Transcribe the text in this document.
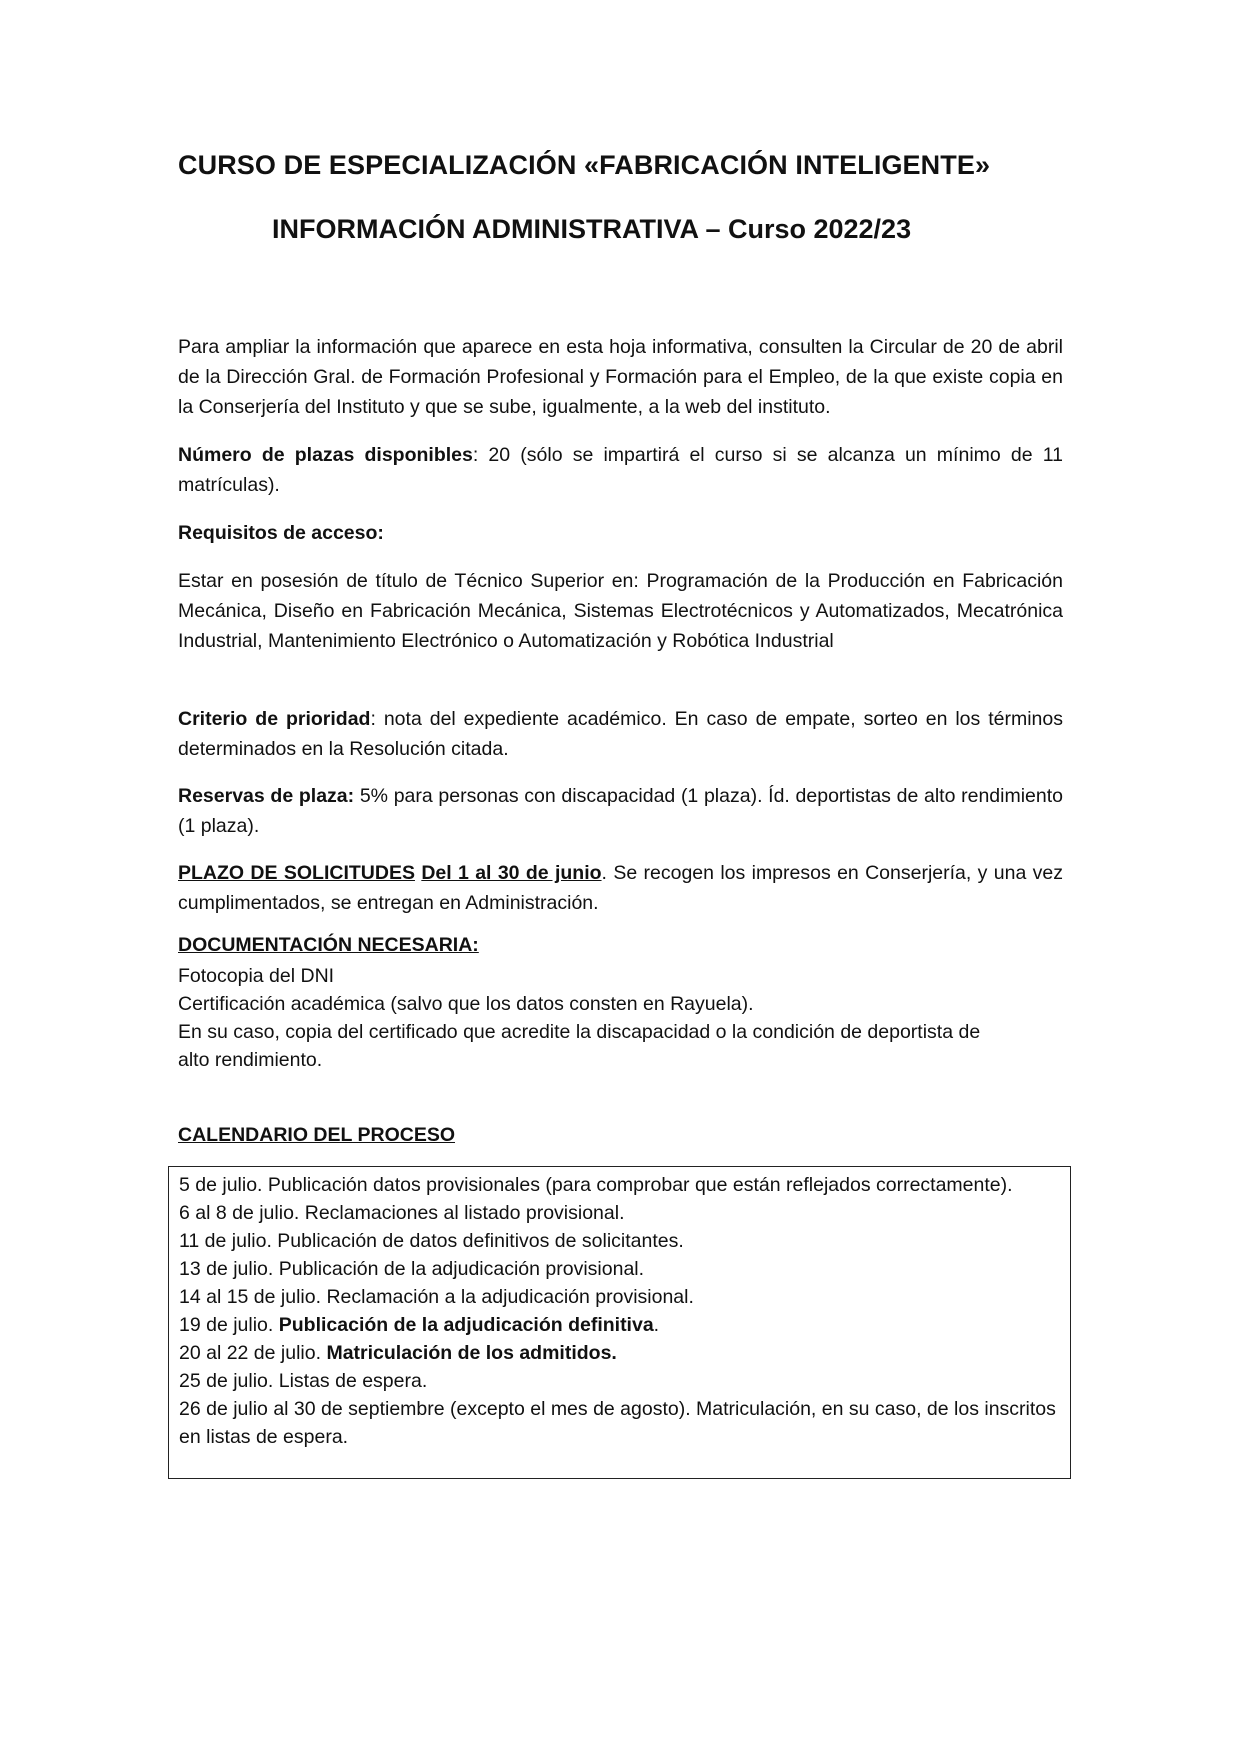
CURSO DE ESPECIALIZACIÓN «FABRICACIÓN INTELIGENTE»
INFORMACIÓN ADMINISTRATIVA – Curso 2022/23
Para ampliar la información que aparece en esta hoja informativa, consulten la Circular de 20 de abril de la Dirección Gral. de Formación Profesional y Formación para el Empleo, de la que existe copia en la Conserjería del Instituto y que se sube, igualmente, a la web del instituto.
Número de plazas disponibles: 20 (sólo se impartirá el curso si se alcanza un mínimo de 11 matrículas).
Requisitos de acceso:
Estar en posesión de título de Técnico Superior en: Programación de la Producción en Fabricación Mecánica, Diseño en Fabricación Mecánica, Sistemas Electrotécnicos y Automatizados, Mecatrónica Industrial, Mantenimiento Electrónico o Automatización y Robótica Industrial
Criterio de prioridad: nota del expediente académico. En caso de empate, sorteo en los términos determinados en la Resolución citada.
Reservas de plaza: 5% para personas con discapacidad (1 plaza). Íd. deportistas de alto rendimiento (1 plaza).
PLAZO DE SOLICITUDES Del 1 al 30 de junio. Se recogen los impresos en Conserjería, y una vez cumplimentados, se entregan en Administración.
DOCUMENTACIÓN NECESARIA:
Fotocopia del DNI
Certificación académica (salvo que los datos consten en Rayuela).
En su caso, copia del certificado que acredite la discapacidad o la condición de deportista de
alto rendimiento.
CALENDARIO DEL PROCESO
5 de julio. Publicación datos provisionales (para comprobar que están reflejados correctamente).
6 al 8 de julio. Reclamaciones al listado provisional.
11 de julio. Publicación de datos definitivos de solicitantes.
13 de julio. Publicación de la adjudicación provisional.
14 al 15 de julio. Reclamación a la adjudicación provisional.
19 de julio. Publicación de la adjudicación definitiva.
20 al 22 de julio. Matriculación de los admitidos.
25 de julio. Listas de espera.
26 de julio al 30 de septiembre (excepto el mes de agosto). Matriculación, en su caso, de los inscritos en listas de espera.
